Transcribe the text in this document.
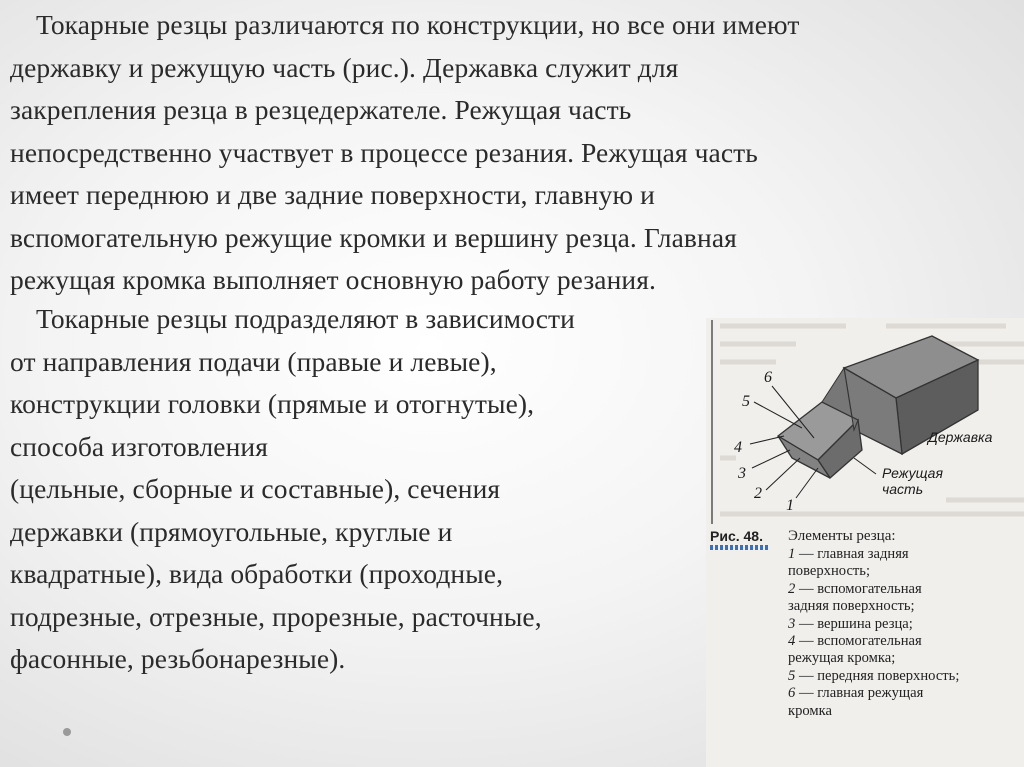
Токарные резцы различаются по конструкции, но все они имеют
державку и режущую часть (рис.). Державка служит для
закрепления резца в резцедержателе. Режущая часть
непосредственно участвует в процессе резания. Режущая часть
имеет переднюю и две задние поверхности, главную и
вспомогательную режущие кромки и вершину резца. Главная
режущая кромка выполняет основную работу резания.
Токарные резцы подразделяют в зависимости
от направления подачи (правые и левые),
конструкции головки (прямые и отогнутые),
способа изготовления
(цельные, сборные и составные), сечения
державки (прямоугольные, круглые и
квадратные), вида обработки (проходные,
подрезные, отрезные, прорезные, расточные,
фасонные, резьбонарезные).
6
5
4
3
2
1
Державка
Режущая
часть
Рис. 48. Элементы резца:
1 — главная задняя
поверхность;
2 — вспомогательная
задняя поверхность;
3 — вершина резца;
4 — вспомогательная
режущая кромка;
5 — передняя поверхность;
6 — главная режущая
кромка
